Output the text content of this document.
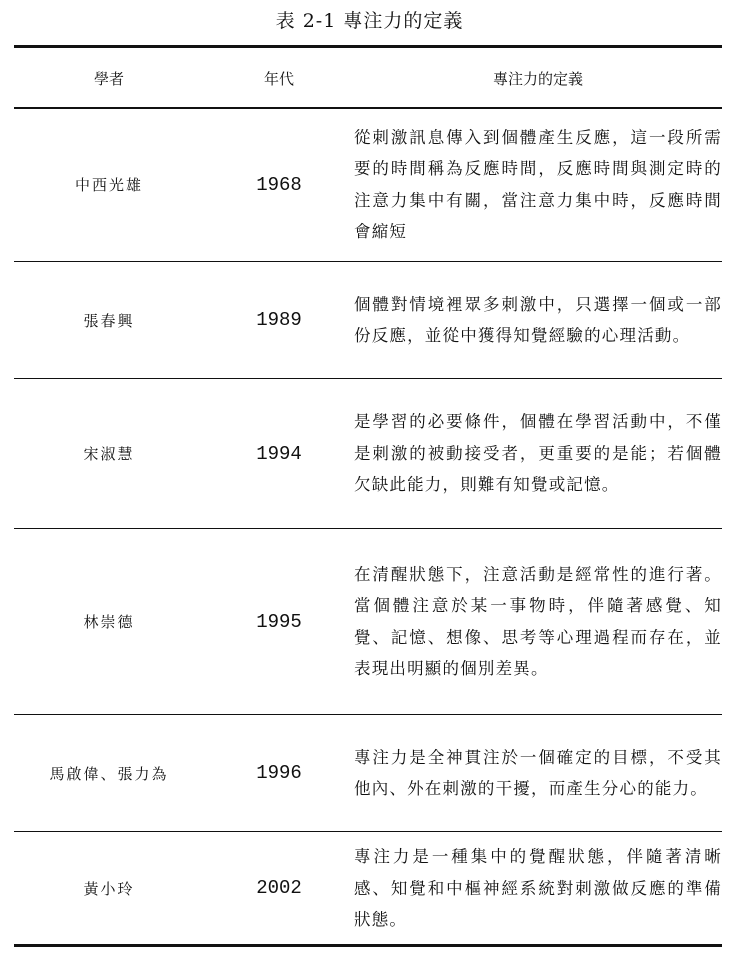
表 2-1 專注力的定義
學者	年代	專注力的定義
中西光雄	1968	從刺激訊息傳入到個體產生反應，這一段所需要的時間稱為反應時間，反應時間與測定時的注意力集中有關，當注意力集中時，反應時間會縮短
張春興	1989	個體對情境裡眾多刺激中，只選擇一個或一部份反應，並從中獲得知覺經驗的心理活動。
宋淑慧	1994	是學習的必要條件，個體在學習活動中，不僅是刺激的被動接受者，更重要的是能；若個體欠缺此能力，則難有知覺或記憶。
林崇德	1995	在清醒狀態下，注意活動是經常性的進行著。當個體注意於某一事物時，伴隨著感覺、知覺、記憶、想像、思考等心理過程而存在，並表現出明顯的個別差異。
馬啟偉、張力為	1996	專注力是全神貫注於一個確定的目標，不受其他內、外在刺激的干擾，而產生分心的能力。
黃小玲	2002	專注力是一種集中的覺醒狀態，伴隨著清晰感、知覺和中樞神經系統對刺激做反應的準備狀態。
